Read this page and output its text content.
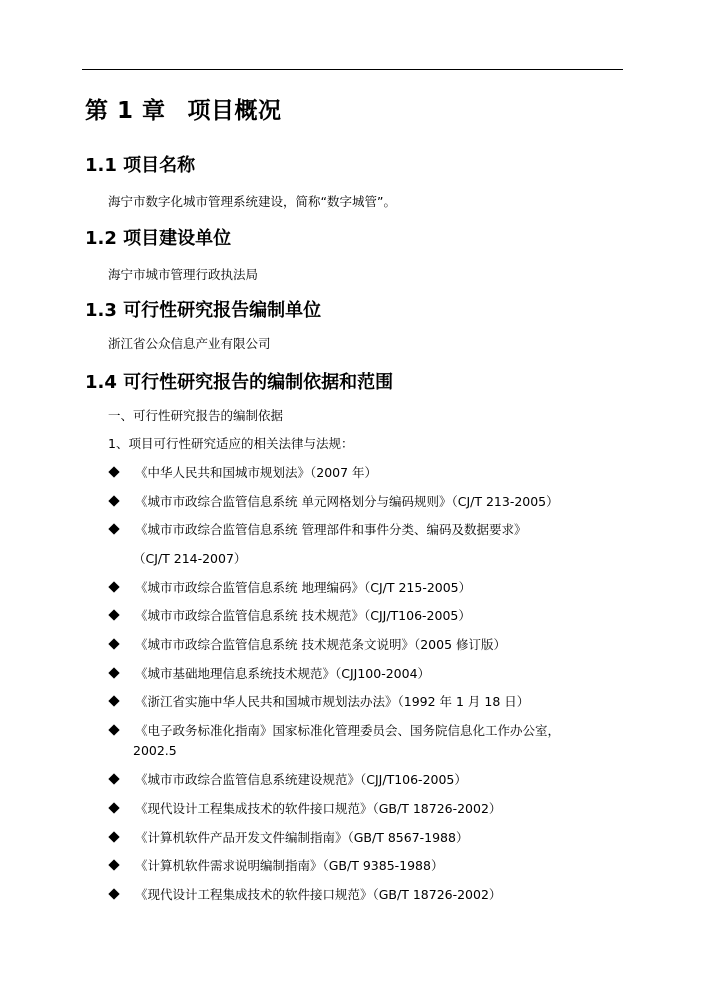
第 1 章 项目概况
1.1 项目名称
海宁市数字化城市管理系统建设，简称“数字城管”。
1.2 项目建设单位
海宁市城市管理行政执法局
1.3 可行性研究报告编制单位
浙江省公众信息产业有限公司
1.4 可行性研究报告的编制依据和范围
一、可行性研究报告的编制依据
1、项目可行性研究适应的相关法律与法规：
《中华人民共和国城市规划法》（2007 年）
《城市市政综合监管信息系统 单元网格划分与编码规则》（CJ/T 213-2005）
《城市市政综合监管信息系统 管理部件和事件分类、编码及数据要求》
（CJ/T 214-2007）
《城市市政综合监管信息系统 地理编码》（CJ/T 215-2005）
《城市市政综合监管信息系统 技术规范》（CJJ/T106-2005）
《城市市政综合监管信息系统 技术规范条文说明》（2005 修订版）
《城市基础地理信息系统技术规范》（CJJ100-2004）
《浙江省实施中华人民共和国城市规划法办法》（1992 年 1 月 18 日）
《电子政务标准化指南》国家标准化管理委员会、国务院信息化工作办公室，
2002.5
《城市市政综合监管信息系统建设规范》（CJJ/T106-2005）
《现代设计工程集成技术的软件接口规范》（GB/T 18726-2002）
《计算机软件产品开发文件编制指南》（GB/T 8567-1988）
《计算机软件需求说明编制指南》（GB/T 9385-1988）
《现代设计工程集成技术的软件接口规范》（GB/T 18726-2002）
